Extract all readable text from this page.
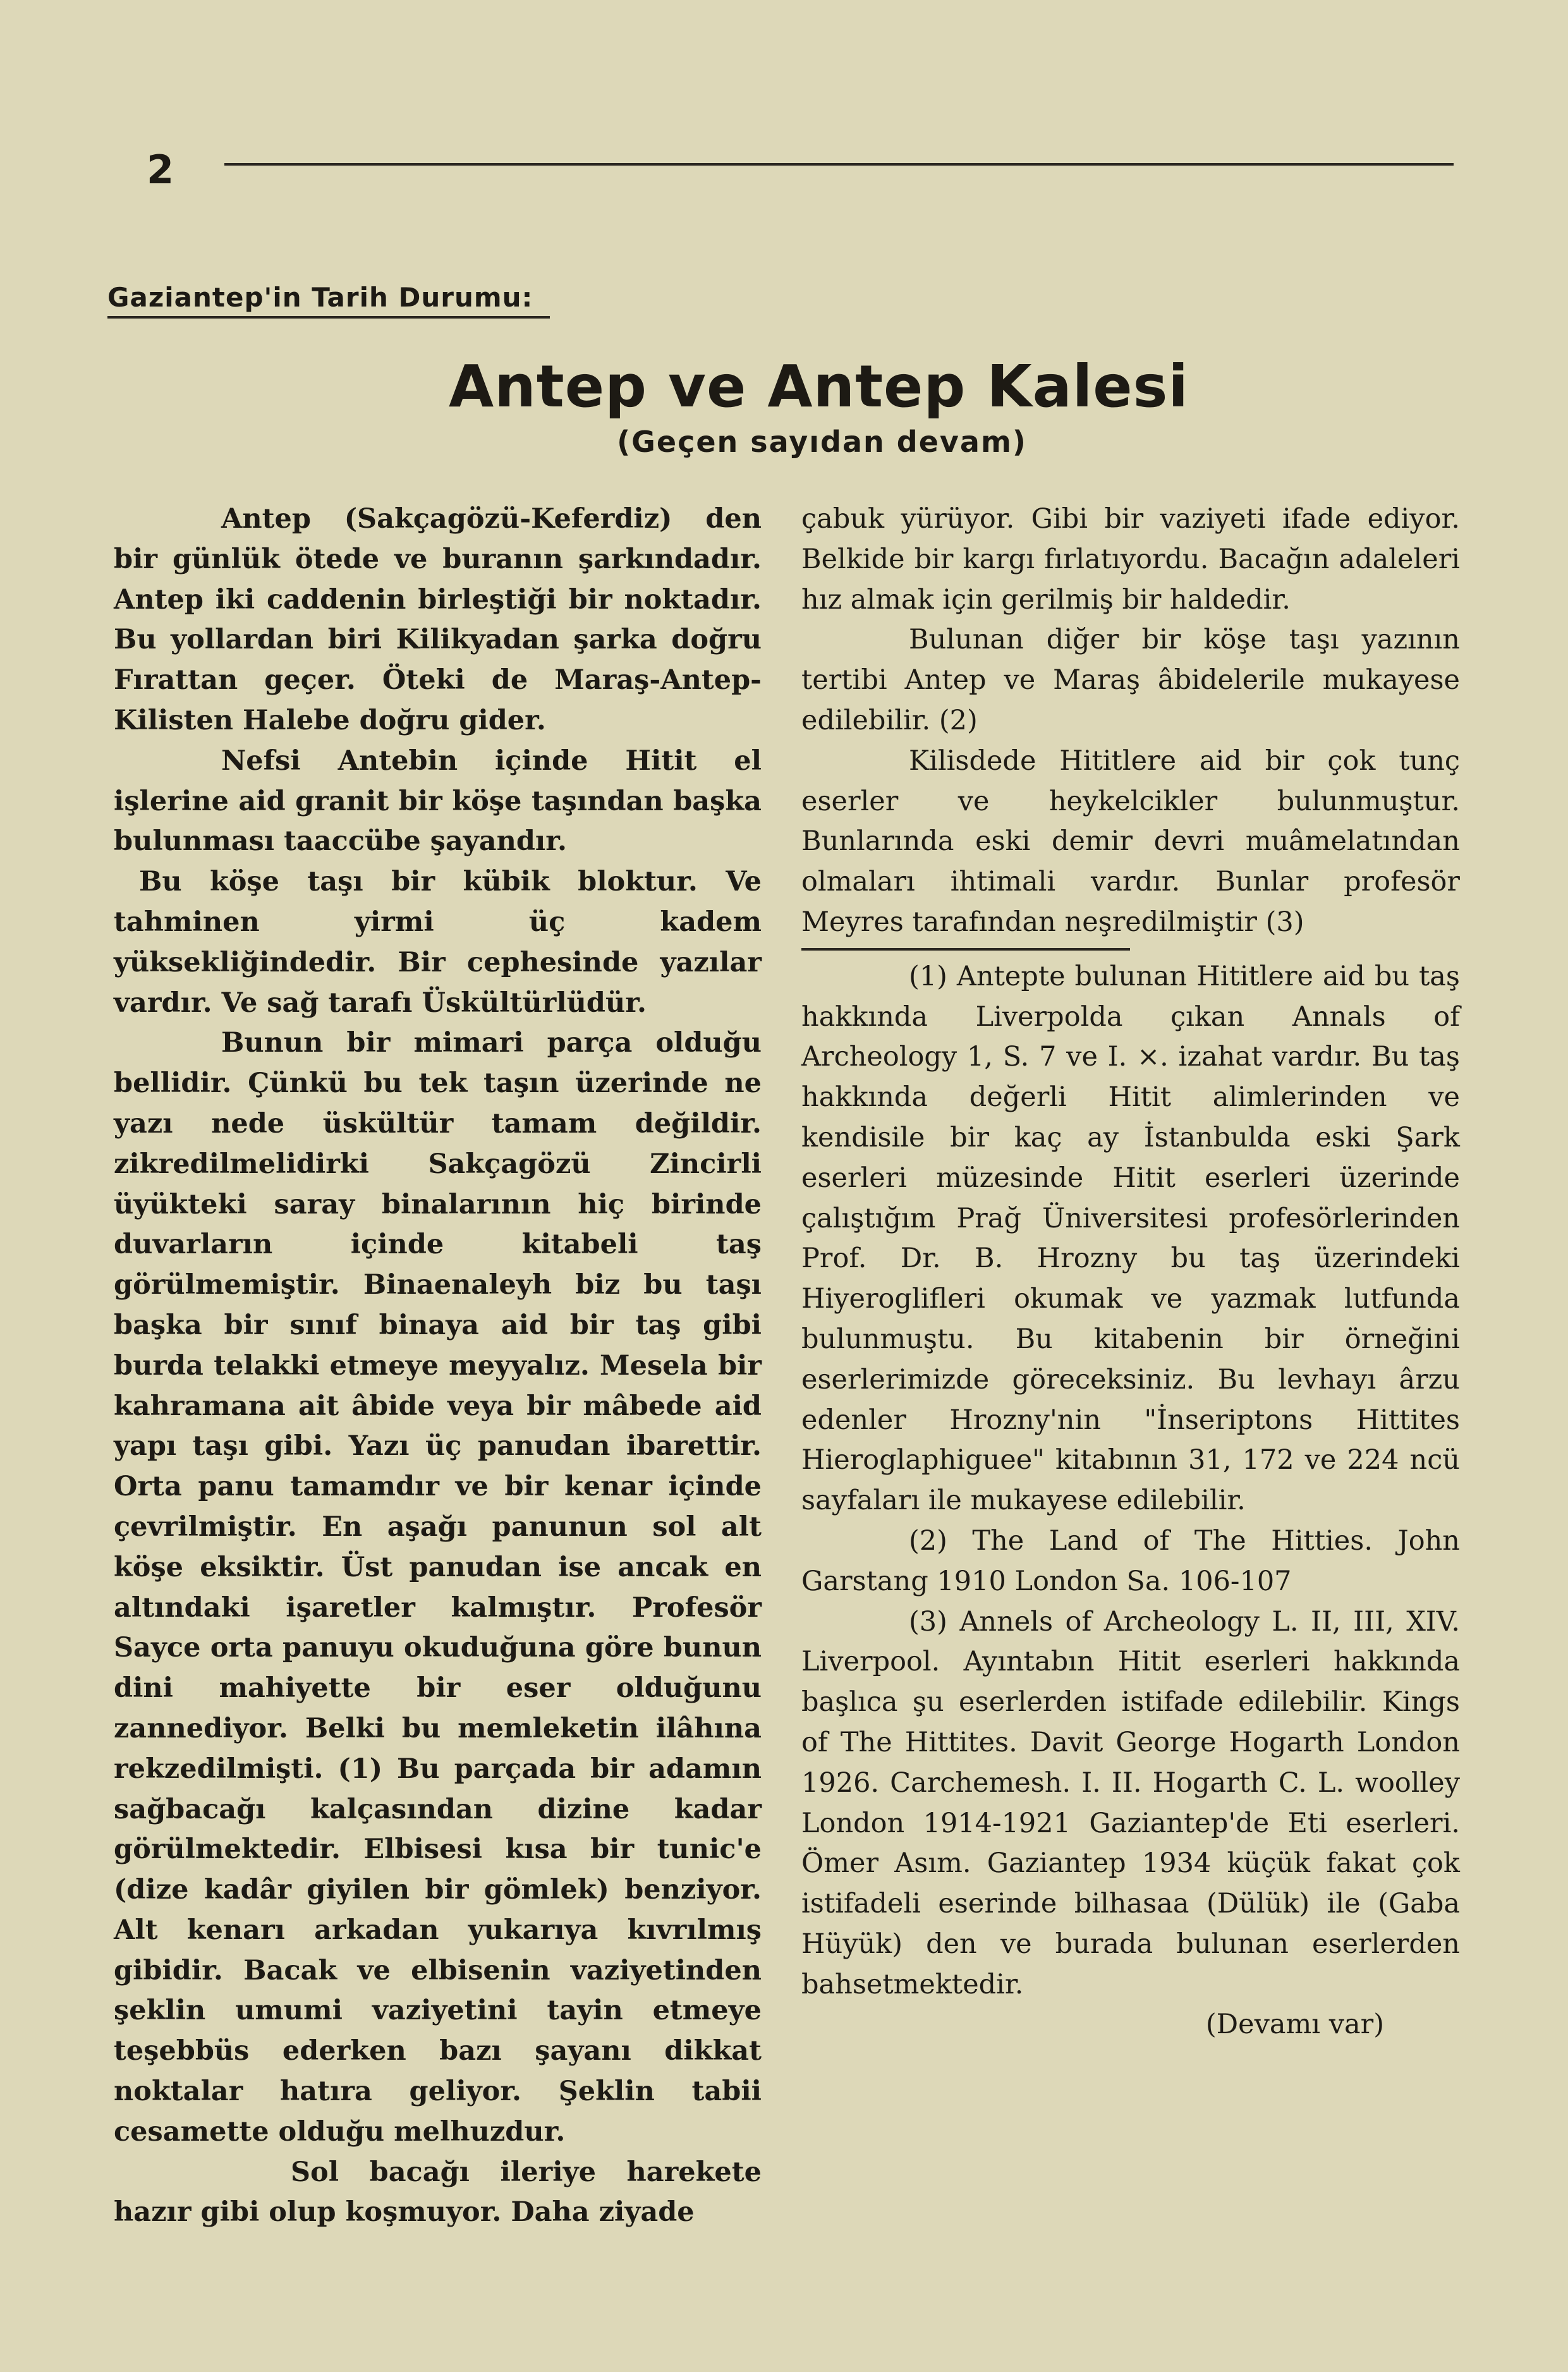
2
Gaziantep'in Tarih Durumu:
Antep ve Antep Kalesi
(Geçen sayıdan devam)

Antep (Sakçagözü-Keferdiz) den bir günlük ötede ve buranın şarkındadır. Antep iki caddenin birleştiği bir noktadır. Bu yollardan biri Kilikyadan şarka doğru Fırattan geçer. Öteki de Maraş-Antep-Kilisten Halebe doğru gider.

Nefsi Antebin içinde Hitit el işlerine aid granit bir köşe taşından başka bulunması taaccübe şayandır.

Bu köşe taşı bir kübik bloktur. Ve tahminen yirmi üç kadem yüksekliğindedir. Bir cephesinde yazılar vardır. Ve sağ tarafı Üskültürlüdür.

Bunun bir mimari parça olduğu bellidir. Çünkü bu tek taşın üzerinde ne yazı nede üskültür tamam değildir. zikredilmelidirki Sakçagözü Zincirli üyükteki saray binalarının hiç birinde duvarların içinde kitabeli taş görülmemiştir. Binaenaleyh biz bu taşı başka bir sınıf binaya aid bir taş gibi burda telakki etmeye meyyalız. Mesela bir kahramana ait âbide veya bir mâbede aid yapı taşı gibi. Yazı üç panudan ibarettir. Orta panu tamamdır ve bir kenar içinde çevrilmiştir. En aşağı panunun sol alt köşe eksiktir. Üst panudan ise ancak en altındaki işaretler kalmıştır. Profesör Sayce orta panuyu okuduğuna göre bunun dini mahiyette bir eser olduğunu zannediyor. Belki bu memleketin ilâhına rekzedilmişti. (1) Bu parçada bir adamın sağbacağı kalçasından dizine kadar görülmektedir. Elbisesi kısa bir tunic'e (dize kadâr giyilen bir gömlek) benziyor. Alt kenarı arkadan yukarıya kıvrılmış gibidir. Bacak ve elbisenin vaziyetinden şeklin umumi vaziyetini tayin etmeye teşebbüs ederken bazı şayanı dikkat noktalar hatıra geliyor. Şeklin tabii cesamette olduğu melhuzdur.

Sol bacağı ileriye harekete hazır gibi olup koşmuyor. Daha ziyade

çabuk yürüyor. Gibi bir vaziyeti ifade ediyor. Belkide bir kargı fırlatıyordu. Bacağın adaleleri hız almak için gerilmiş bir haldedir.

Bulunan diğer bir köşe taşı yazının tertibi Antep ve Maraş âbidelerile mukayese edilebilir. (2)

Kilisdede Hititlere aid bir çok tunç eserler ve heykelcikler bulunmuştur. Bunlarında eski demir devri muâmelatından olmaları ihtimali vardır. Bunlar profesör Meyres tarafından neşredilmiştir (3)

(1) Antepte bulunan Hititlere aid bu taş hakkında Liverpolda çıkan Annals of Archeology 1, S. 7 ve I. ×. izahat vardır. Bu taş hakkında değerli Hitit alimlerinden ve kendisile bir kaç ay İstanbulda eski Şark eserleri müzesinde Hitit eserleri üzerinde çalıştığım Prağ Üniversitesi profesörlerinden Prof. Dr. B. Hrozny bu taş üzerindeki Hiyeroglifleri okumak ve yazmak lutfunda bulunmuştu. Bu kitabenin bir örneğini eserlerimizde göreceksiniz. Bu levhayı ârzu edenler Hrozny'nin "İnseriptons Hittites Hieroglaphiguee" kitabının 31, 172 ve 224 ncü sayfaları ile mukayese edilebilir.

(2) The Land of The Hitties. John Garstang 1910 London Sa. 106-107

(3) Annels of Archeology L. II, III, XIV. Liverpool. Ayıntabın Hitit eserleri hakkında başlıca şu eserlerden istifade edilebilir. Kings of The Hittites. Davit George Hogarth London 1926. Carchemesh. I. II. Hogarth C. L. woolley London 1914-1921 Gaziantep'de Eti eserleri. Ömer Asım. Gaziantep 1934 küçük fakat çok istifadeli eserinde bilhasaa (Dülük) ile (Gaba Hüyük) den ve burada bulunan eserlerden bahsetmektedir.

(Devamı var)
